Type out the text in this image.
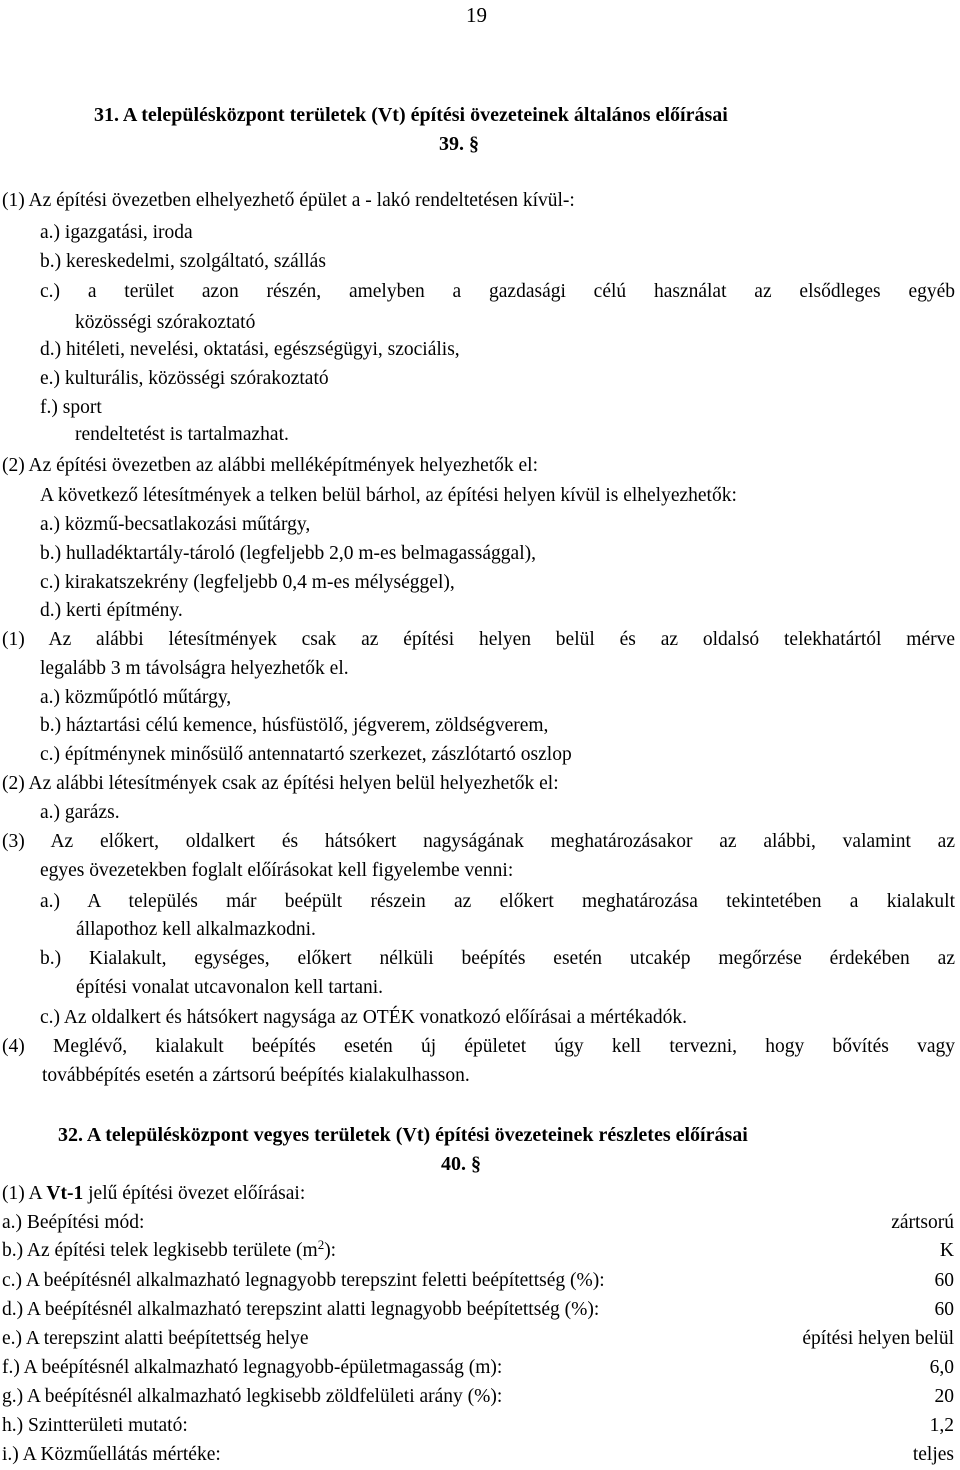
19
31. A településközpont területek (Vt) építési övezeteinek általános előírásai
39. §
(1) Az építési övezetben elhelyezhető épület a - lakó rendeltetésen kívül-:
a.) igazgatási, iroda
b.) kereskedelmi, szolgáltató, szállás
c.) a terület azon részén, amelyben a gazdasági célú használat az elsődleges egyéb
közösségi szórakoztató
d.) hitéleti, nevelési, oktatási, egészségügyi, szociális,
e.) kulturális, közösségi szórakoztató
f.) sport
rendeltetést is tartalmazhat.
(2) Az építési övezetben az alábbi melléképítmények helyezhetők el:
A következő létesítmények a telken belül bárhol, az építési helyen kívül is elhelyezhetők:
a.) közmű-becsatlakozási műtárgy,
b.) hulladéktartály-tároló (legfeljebb 2,0 m-es belmagassággal),
c.) kirakatszekrény (legfeljebb 0,4 m-es mélységgel),
d.) kerti építmény.
(1) Az alábbi létesítmények csak az építési helyen belül és az oldalsó telekhatártól mérve
legalább 3 m távolságra helyezhetők el.
a.) közműpótló műtárgy,
b.) háztartási célú kemence, húsfüstölő, jégverem, zöldségverem,
c.) építménynek minősülő antennatartó szerkezet, zászlótartó oszlop
(2) Az alábbi létesítmények csak az építési helyen belül helyezhetők el:
a.) garázs.
(3) Az előkert, oldalkert és hátsókert nagyságának meghatározásakor az alábbi, valamint az
egyes övezetekben foglalt előírásokat kell figyelembe venni:
a.) A település már beépült részein az előkert meghatározása tekintetében a kialakult
állapothoz kell alkalmazkodni.
b.) Kialakult, egységes, előkert nélküli beépítés esetén utcakép megőrzése érdekében az
építési vonalat utcavonalon kell tartani.
c.) Az oldalkert és hátsókert nagysága az OTÉK vonatkozó előírásai a mértékadók.
(4) Meglévő, kialakult beépítés esetén új épületet úgy kell tervezni, hogy bővítés vagy
továbbépítés esetén a zártsorú beépítés kialakulhasson.
32. A településközpont vegyes területek (Vt) építési övezeteinek részletes előírásai
40. §
(1) A Vt-1 jelű építési övezet előírásai:
a.) Beépítési mód:	zártsorú
b.) Az építési telek legkisebb területe $(m^2)$:	K
c.) A beépítésnél alkalmazható legnagyobb terepszint feletti beépítettség (%):	60
d.) A beépítésnél alkalmazható terepszint alatti legnagyobb beépítettség (%):	60
e.) A terepszint alatti beépítettség helye	építési helyen belül
f.) A beépítésnél alkalmazható legnagyobb-épületmagasság (m):	6,0
g.) A beépítésnél alkalmazható legkisebb zöldfelületi arány (%):	20
h.) Szintterületi mutató:	1,2
i.) A Közműellátás mértéke:	teljes
